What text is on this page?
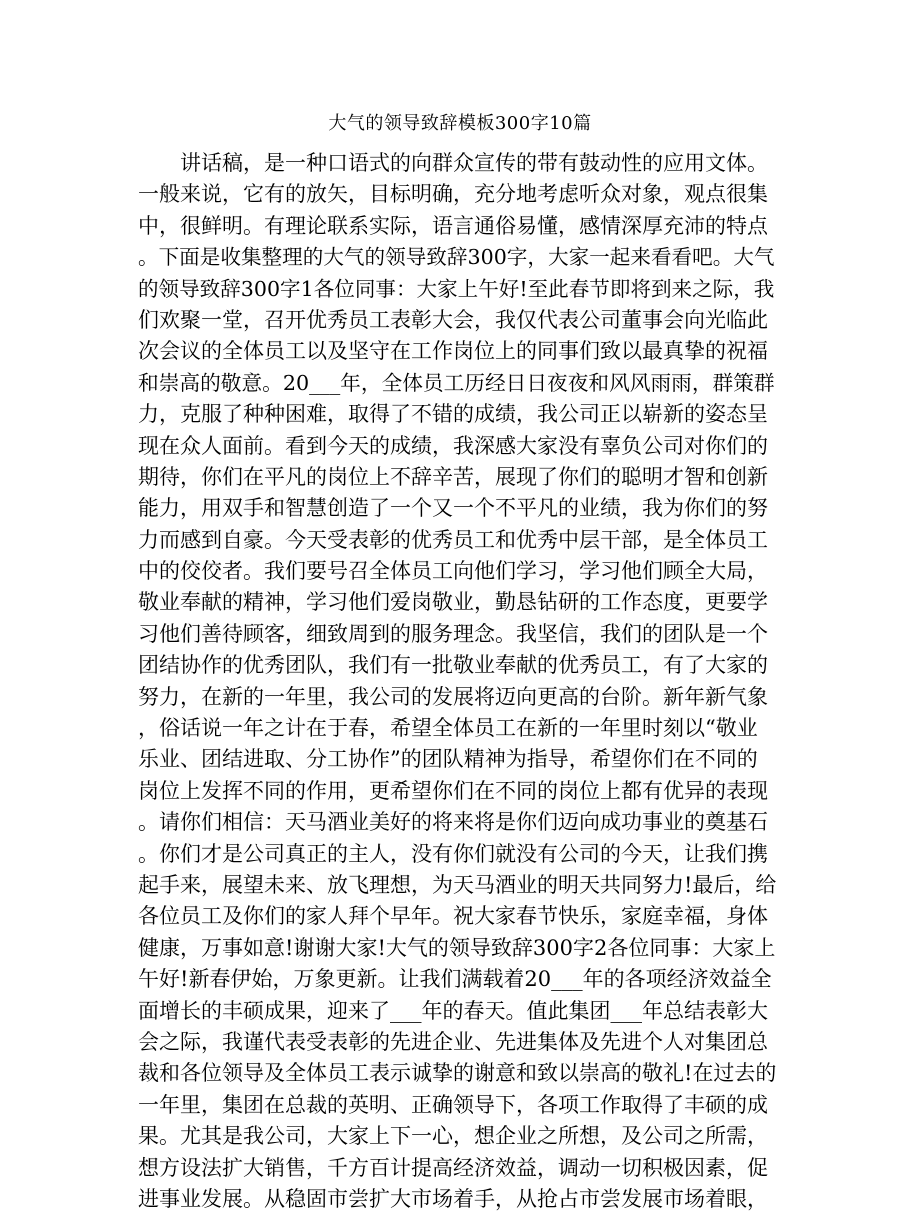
大气的领导致辞模板300字10篇
　　讲话稿，是一种口语式的向群众宣传的带有鼓动性的应用文体。
一般来说，它有的放矢，目标明确，充分地考虑听众对象，观点很集
中，很鲜明。有理论联系实际，语言通俗易懂，感情深厚充沛的特点
。下面是收集整理的大气的领导致辞300字，大家一起来看看吧。大气
的领导致辞300字1各位同事：大家上午好!至此春节即将到来之际，我
们欢聚一堂，召开优秀员工表彰大会，我仅代表公司董事会向光临此
次会议的全体员工以及坚守在工作岗位上的同事们致以最真挚的祝福
和崇高的敬意。20___年，全体员工历经日日夜夜和风风雨雨，群策群
力，克服了种种困难，取得了不错的成绩，我公司正以崭新的姿态呈
现在众人面前。看到今天的成绩，我深感大家没有辜负公司对你们的
期待，你们在平凡的岗位上不辞辛苦，展现了你们的聪明才智和创新
能力，用双手和智慧创造了一个又一个不平凡的业绩，我为你们的努
力而感到自豪。今天受表彰的优秀员工和优秀中层干部，是全体员工
中的佼佼者。我们要号召全体员工向他们学习，学习他们顾全大局，
敬业奉献的精神，学习他们爱岗敬业，勤恳钻研的工作态度，更要学
习他们善待顾客，细致周到的服务理念。我坚信，我们的团队是一个
团结协作的优秀团队，我们有一批敬业奉献的优秀员工，有了大家的
努力，在新的一年里，我公司的发展将迈向更高的台阶。新年新气象
，俗话说一年之计在于春，希望全体员工在新的一年里时刻以“敬业
乐业、团结进取、分工协作”的团队精神为指导，希望你们在不同的
岗位上发挥不同的作用，更希望你们在不同的岗位上都有优异的表现
。请你们相信：天马酒业美好的将来将是你们迈向成功事业的奠基石
。你们才是公司真正的主人，没有你们就没有公司的今天，让我们携
起手来，展望未来、放飞理想，为天马酒业的明天共同努力!最后，给
各位员工及你们的家人拜个早年。祝大家春节快乐，家庭幸福，身体
健康，万事如意!谢谢大家!大气的领导致辞300字2各位同事：大家上
午好!新春伊始，万象更新。让我们满载着20___年的各项经济效益全
面增长的丰硕成果，迎来了___年的春天。值此集团___年总结表彰大
会之际，我谨代表受表彰的先进企业、先进集体及先进个人对集团总
裁和各位领导及全体员工表示诚挚的谢意和致以崇高的敬礼!在过去的
一年里，集团在总裁的英明、正确领导下，各项工作取得了丰硕的成
果。尤其是我公司，大家上下一心，想企业之所想，及公司之所需，
想方设法扩大销售，千方百计提高经济效益，调动一切积极因素，促
进事业发展。从稳固市尝扩大市场着手，从抢占市尝发展市场着眼，
